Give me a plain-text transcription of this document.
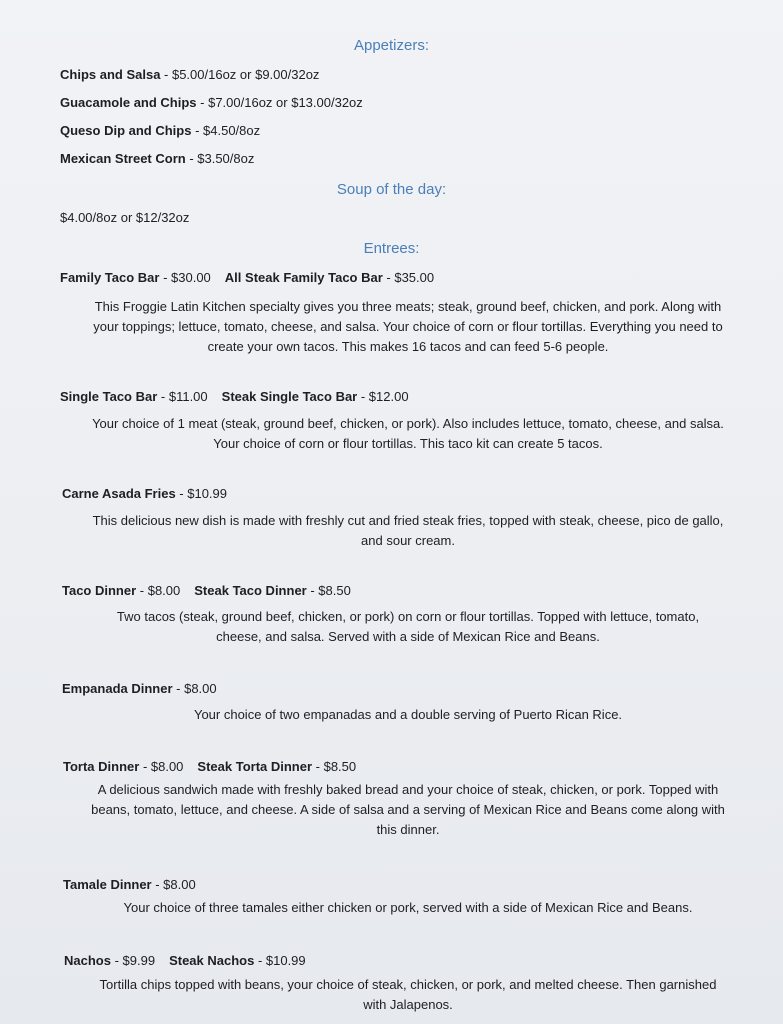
Appetizers:
Chips and Salsa - $5.00/16oz or $9.00/32oz
Guacamole and Chips - $7.00/16oz or $13.00/32oz
Queso Dip and Chips - $4.50/8oz
Mexican Street Corn - $3.50/8oz
Soup of the day:
$4.00/8oz or $12/32oz
Entrees:
Family Taco Bar - $30.00 All Steak Family Taco Bar - $35.00
This Froggie Latin Kitchen specialty gives you three meats; steak, ground beef, chicken, and pork. Along with
your toppings; lettuce, tomato, cheese, and salsa. Your choice of corn or flour tortillas. Everything you need to
create your own tacos. This makes 16 tacos and can feed 5-6 people.
Single Taco Bar - $11.00 Steak Single Taco Bar - $12.00
Your choice of 1 meat (steak, ground beef, chicken, or pork). Also includes lettuce, tomato, cheese, and salsa.
Your choice of corn or flour tortillas. This taco kit can create 5 tacos.
Carne Asada Fries - $10.99
This delicious new dish is made with freshly cut and fried steak fries, topped with steak, cheese, pico de gallo,
and sour cream.
Taco Dinner - $8.00 Steak Taco Dinner - $8.50
Two tacos (steak, ground beef, chicken, or pork) on corn or flour tortillas. Topped with lettuce, tomato,
cheese, and salsa. Served with a side of Mexican Rice and Beans.
Empanada Dinner - $8.00
Your choice of two empanadas and a double serving of Puerto Rican Rice.
Torta Dinner - $8.00 Steak Torta Dinner - $8.50
A delicious sandwich made with freshly baked bread and your choice of steak, chicken, or pork. Topped with
beans, tomato, lettuce, and cheese. A side of salsa and a serving of Mexican Rice and Beans come along with
this dinner.
Tamale Dinner - $8.00
Your choice of three tamales either chicken or pork, served with a side of Mexican Rice and Beans.
Nachos - $9.99 Steak Nachos - $10.99
Tortilla chips topped with beans, your choice of steak, chicken, or pork, and melted cheese. Then garnished
with Jalapenos.
